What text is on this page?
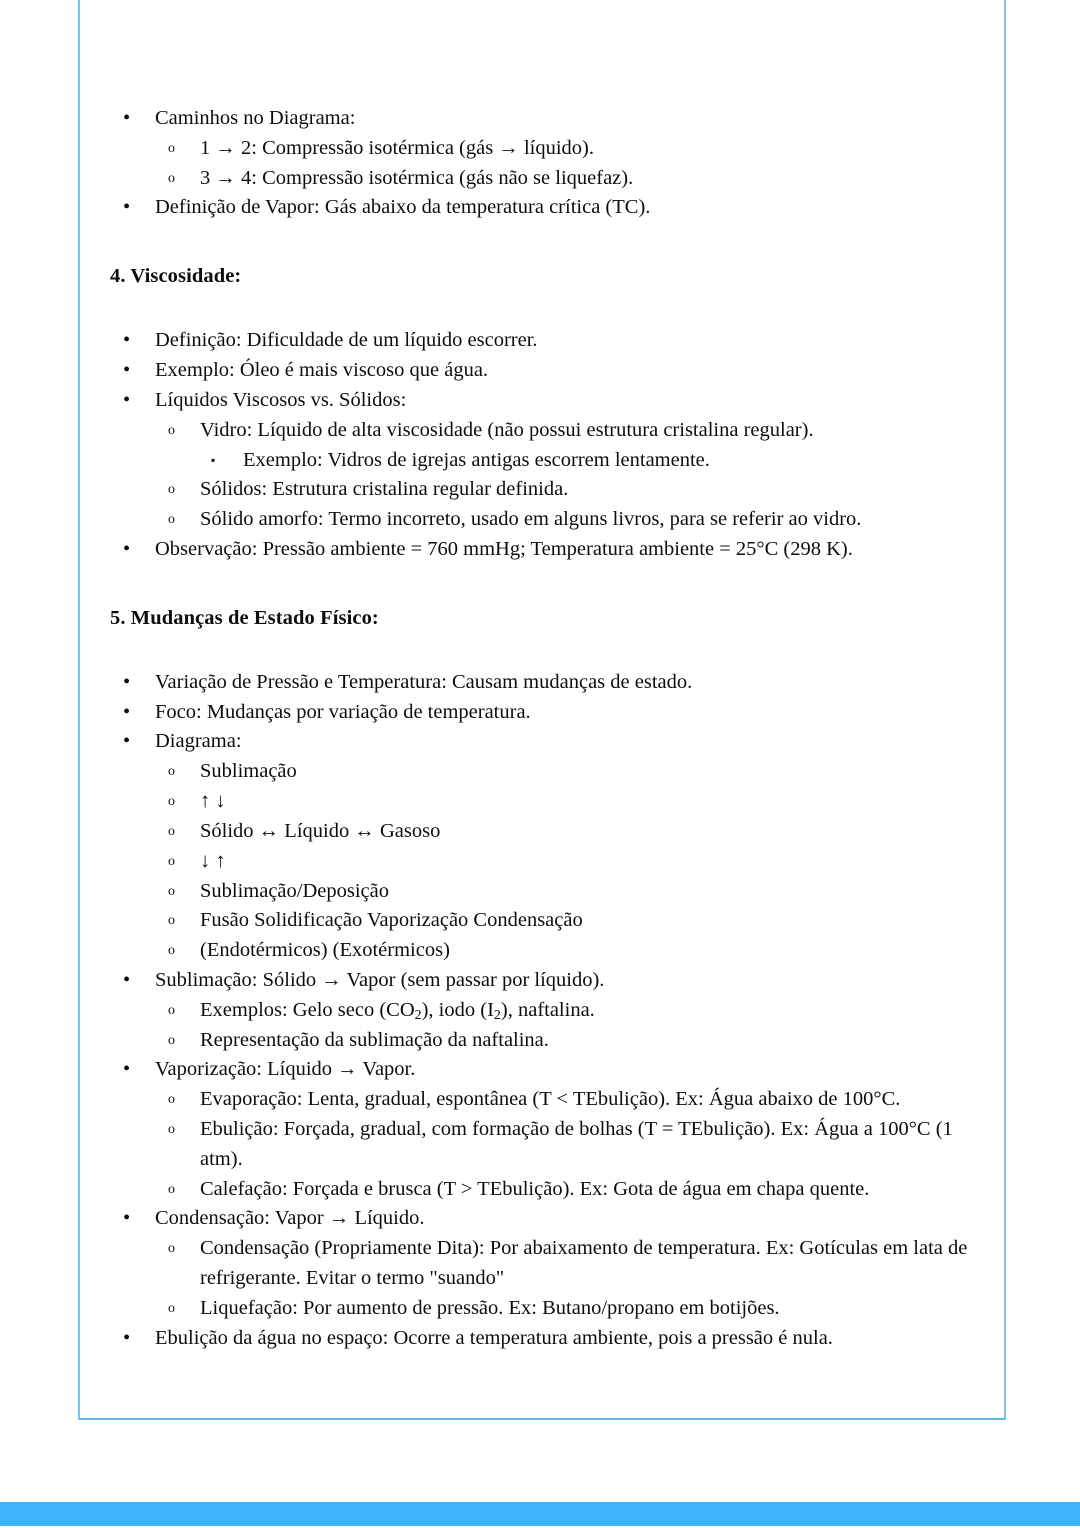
•	Caminhos no Diagrama:
o 1 → 2: Compressão isotérmica (gás → líquido).
o 3 → 4: Compressão isotérmica (gás não se liquefaz).
•	Definição de Vapor: Gás abaixo da temperatura crítica (TC).

4. Viscosidade:

•	Definição: Dificuldade de um líquido escorrer.
•	Exemplo: Óleo é mais viscoso que água.
•	Líquidos Viscosos vs. Sólidos:
o Vidro: Líquido de alta viscosidade (não possui estrutura cristalina regular).
▪ Exemplo: Vidros de igrejas antigas escorrem lentamente.
o Sólidos: Estrutura cristalina regular definida.
o Sólido amorfo: Termo incorreto, usado em alguns livros, para se referir ao vidro.
•	Observação: Pressão ambiente = 760 mmHg; Temperatura ambiente = 25°C (298 K).

5. Mudanças de Estado Físico:

•	Variação de Pressão e Temperatura: Causam mudanças de estado.
•	Foco: Mudanças por variação de temperatura.
•	Diagrama:
o Sublimação
o ↑ ↓
o Sólido ↔ Líquido ↔ Gasoso
o ↓ ↑
o Sublimação/Deposição
o Fusão Solidificação Vaporização Condensação
o (Endotérmicos) (Exotérmicos)
•	Sublimação: Sólido → Vapor (sem passar por líquido).
o Exemplos: Gelo seco $(CO_2)$, iodo $(I_2)$, naftalina.
o Representação da sublimação da naftalina.
•	Vaporização: Líquido → Vapor.
o Evaporação: Lenta, gradual, espontânea (T < TEbulição). Ex: Água abaixo de 100°C.
o Ebulição: Forçada, gradual, com formação de bolhas (T = TEbulição). Ex: Água a 100°C (1 atm).
o Calefação: Forçada e brusca (T > TEbulição). Ex: Gota de água em chapa quente.
•	Condensação: Vapor → Líquido.
o Condensação (Propriamente Dita): Por abaixamento de temperatura. Ex: Gotículas em lata de refrigerante. Evitar o termo "suando"
o Liquefação: Por aumento de pressão. Ex: Butano/propano em botijões.
•	Ebulição da água no espaço: Ocorre a temperatura ambiente, pois a pressão é nula.
